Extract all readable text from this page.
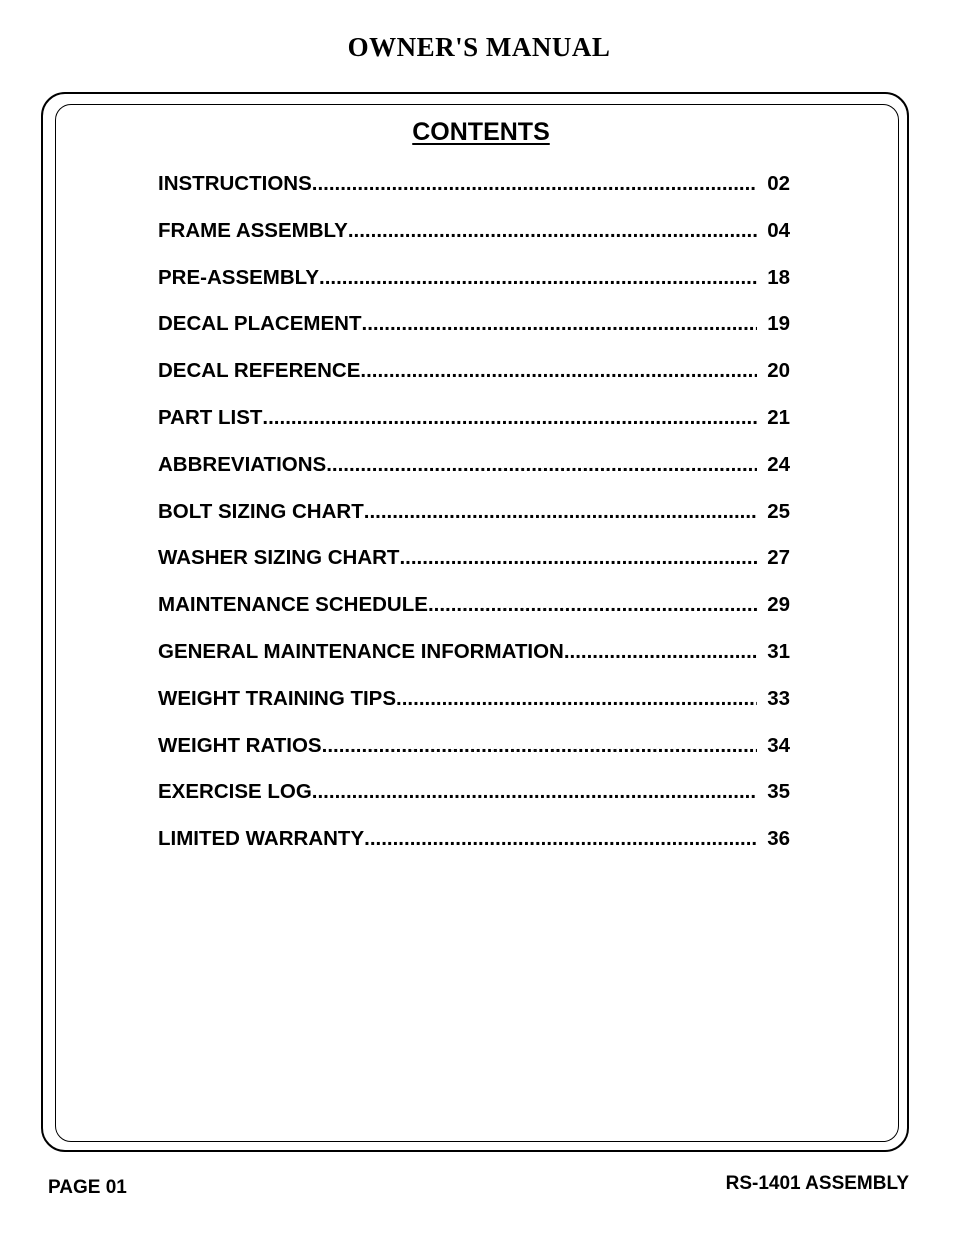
OWNER'S MANUAL
CONTENTS
INSTRUCTIONS .....	02
FRAME ASSEMBLY .....	04
PRE-ASSEMBLY .....	18
DECAL PLACEMENT .....	19
DECAL REFERENCE .....	20
PART LIST .....	21
ABBREVIATIONS .....	24
BOLT SIZING CHART .....	25
WASHER SIZING CHART .....	27
MAINTENANCE SCHEDULE .....	29
GENERAL MAINTENANCE INFORMATION .....	31
WEIGHT TRAINING TIPS .....	33
WEIGHT RATIOS .....	34
EXERCISE LOG .....	35
LIMITED WARRANTY .....	36
PAGE 01	RS-1401 ASSEMBLY
